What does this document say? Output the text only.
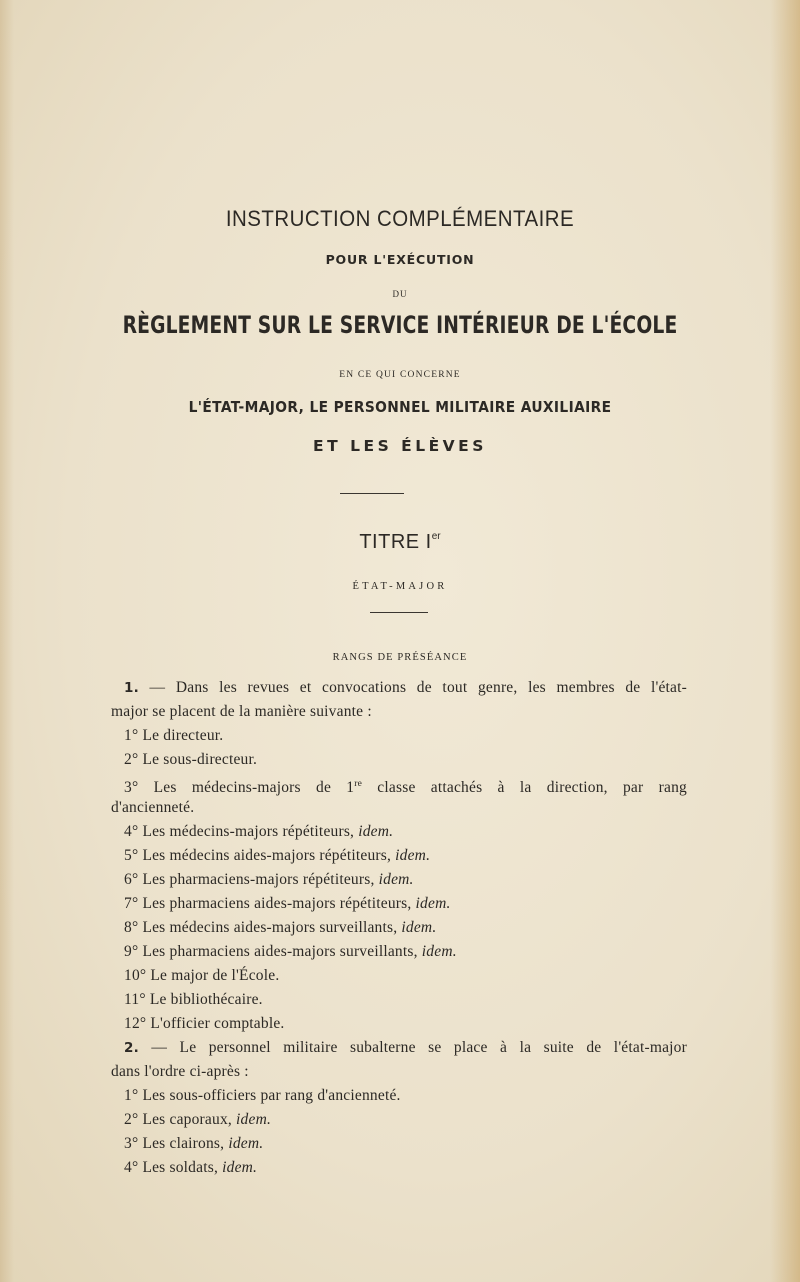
INSTRUCTION COMPLÉMENTAIRE
POUR L'EXÉCUTION
DU
RÈGLEMENT SUR LE SERVICE INTÉRIEUR DE L'ÉCOLE
EN CE QUI CONCERNE
L'ÉTAT-MAJOR, LE PERSONNEL MILITAIRE AUXILIAIRE
ET LES ÉLÈVES
TITRE Ier
ÉTAT-MAJOR
RANGS DE PRÉSÉANCE
1. — Dans les revues et convocations de tout genre, les membres de l'état-
major se placent de la manière suivante :
1° Le directeur.
2° Le sous-directeur.
3° Les médecins-majors de 1re classe attachés à la direction, par rang
d'ancienneté.
4° Les médecins-majors répétiteurs, idem.
5° Les médecins aides-majors répétiteurs, idem.
6° Les pharmaciens-majors répétiteurs, idem.
7° Les pharmaciens aides-majors répétiteurs, idem.
8° Les médecins aides-majors surveillants, idem.
9° Les pharmaciens aides-majors surveillants, idem.
10° Le major de l'École.
11° Le bibliothécaire.
12° L'officier comptable.
2. — Le personnel militaire subalterne se place à la suite de l'état-major
dans l'ordre ci-après :
1° Les sous-officiers par rang d'ancienneté.
2° Les caporaux, idem.
3° Les clairons, idem.
4° Les soldats, idem.
